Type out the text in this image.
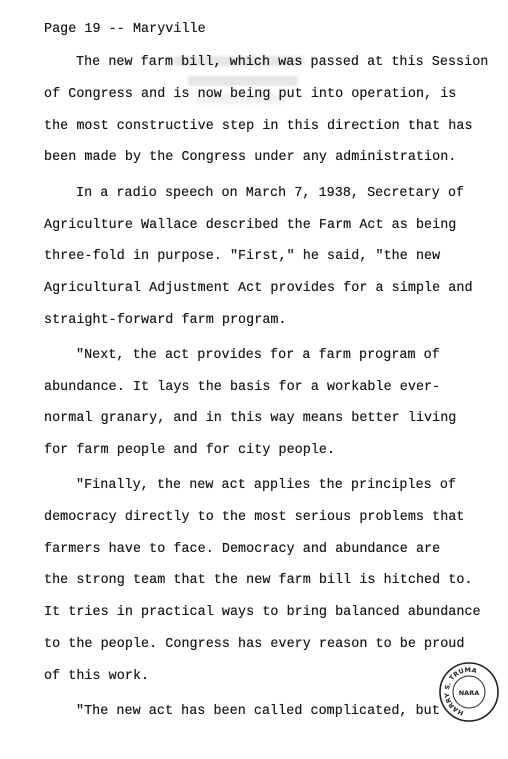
Page 19 -- Maryville
The new farm bill, which was passed at this Session
of Congress and is now being put into operation, is
the most constructive step in this direction that has
been made by the Congress under any administration.
In a radio speech on March 7, 1938, Secretary of
Agriculture Wallace described the Farm Act as being
three-fold in purpose. "First," he said, "the new
Agricultural Adjustment Act provides for a simple and
straight-forward farm program.
"Next, the act provides for a farm program of
abundance. It lays the basis for a workable ever-
normal granary, and in this way means better living
for farm people and for city people.
"Finally, the new act applies the principles of
democracy directly to the most serious problems that
farmers have to face. Democracy and abundance are
the strong team that the new farm bill is hitched to.
It tries in practical ways to bring balanced abundance
to the people. Congress has every reason to be proud
of this work.
"The new act has been called complicated, but	HARRY S. TRUMAN
NARA
